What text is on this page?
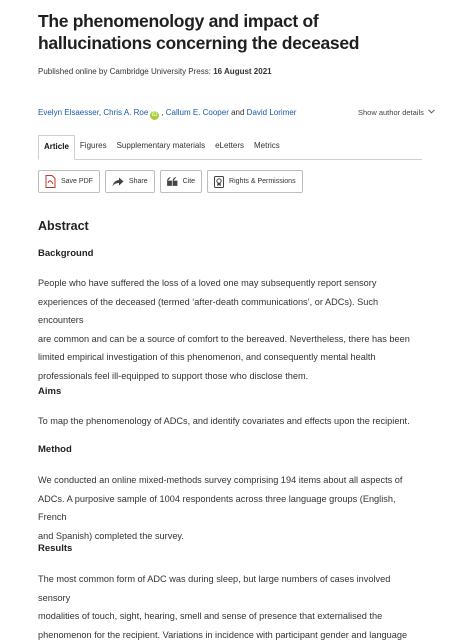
The phenomenology and impact of hallucinations concerning the deceased
Published online by Cambridge University Press: 16 August 2021
Evelyn Elsaesser, Chris A. Roe iD , Callum E. Cooper and David Lorimer	Show author details
Article	Figures	Supplementary materials	eLetters	Metrics
Save PDF	Share	Cite	Rights & Permissions
Abstract
Background
People who have suffered the loss of a loved one may subsequently report sensory
experiences of the deceased (termed ‘after-death communications’, or ADCs). Such encounters
are common and can be a source of comfort to the bereaved. Nevertheless, there has been
limited empirical investigation of this phenomenon, and consequently mental health
professionals feel ill-equipped to support those who disclose them.
Aims
To map the phenomenology of ADCs, and identify covariates and effects upon the recipient.
Method
We conducted an online mixed-methods survey comprising 194 items about all aspects of
ADCs. A purposive sample of 1004 respondents across three language groups (English, French
and Spanish) completed the survey.
Results
The most common form of ADC was during sleep, but large numbers of cases involved sensory
modalities of touch, sight, hearing, smell and sense of presence that externalised the
phenomenon for the recipient. Variations in incidence with participant gender and language
